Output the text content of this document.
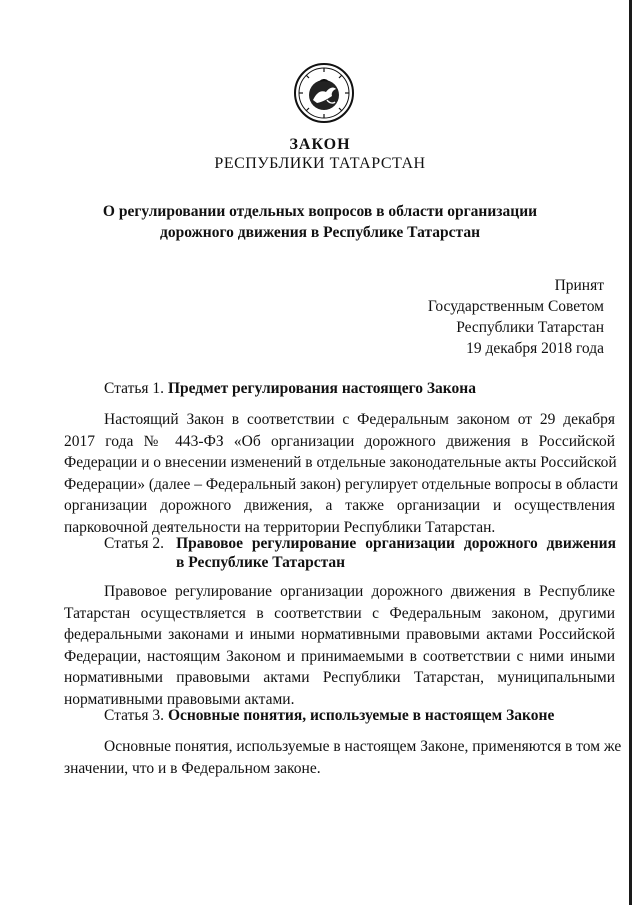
ЗАКОН
РЕСПУБЛИКИ ТАТАРСТАН
О регулировании отдельных вопросов в области организации
дорожного движения в Республике Татарстан
Принят
Государственным Советом
Республики Татарстан
19 декабря 2018 года
Статья 1. Предмет регулирования настоящего Закона
Настоящий Закон в соответствии с Федеральным законом от 29 декабря
2017 года № 443-ФЗ «Об организации дорожного движения в Российской
Федерации и о внесении изменений в отдельные законодательные акты Российской
Федерации» (далее – Федеральный закон) регулирует отдельные вопросы в области
организации дорожного движения, а также организации и осуществления
парковочной деятельности на территории Республики Татарстан.
Статья 2. Правовое регулирование организации дорожного движения
в Республике Татарстан
Правовое регулирование организации дорожного движения в Республике
Татарстан осуществляется в соответствии с Федеральным законом, другими
федеральными законами и иными нормативными правовыми актами Российской
Федерации, настоящим Законом и принимаемыми в соответствии с ними иными
нормативными правовыми актами Республики Татарстан, муниципальными
нормативными правовыми актами.
Статья 3. Основные понятия, используемые в настоящем Законе
Основные понятия, используемые в настоящем Законе, применяются в том же
значении, что и в Федеральном законе.
